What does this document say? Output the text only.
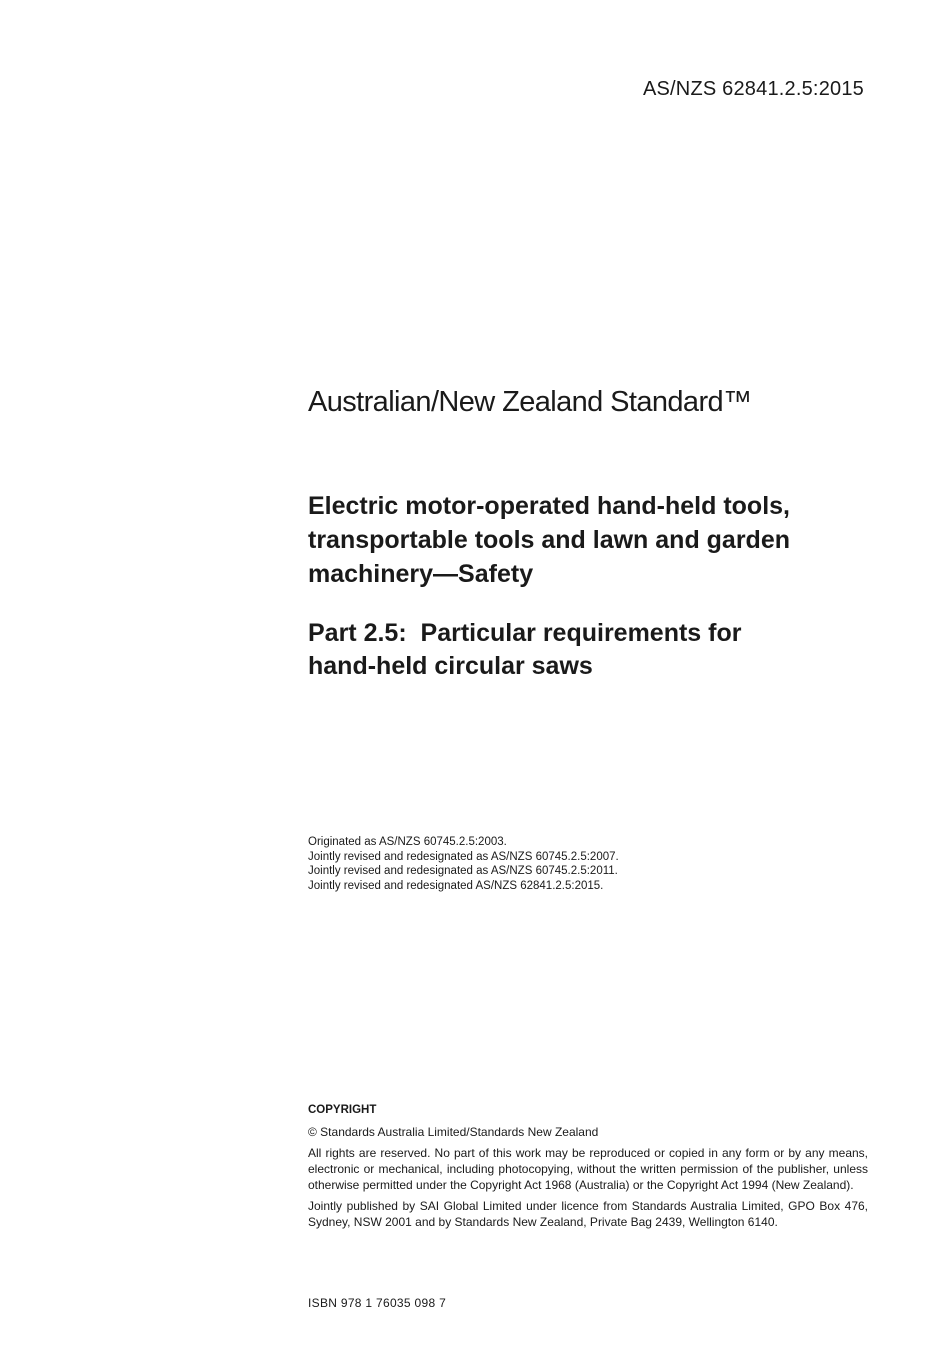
AS/NZS 62841.2.5:2015
Australian/New Zealand Standard™
Electric motor-operated hand-held tools,
transportable tools and lawn and garden
machinery—Safety
Part 2.5:  Particular requirements for
hand-held circular saws
Originated as AS/NZS 60745.2.5:2003.
Jointly revised and redesignated as AS/NZS 60745.2.5:2007.
Jointly revised and redesignated as AS/NZS 60745.2.5:2011.
Jointly revised and redesignated AS/NZS 62841.2.5:2015.
COPYRIGHT

© Standards Australia Limited/Standards New Zealand

All rights are reserved. No part of this work may be reproduced or copied in any form or by any means, electronic or mechanical, including photocopying, without the written permission of the publisher, unless otherwise permitted under the Copyright Act 1968 (Australia) or the Copyright Act 1994 (New Zealand).

Jointly published by SAI Global Limited under licence from Standards Australia Limited, GPO Box 476, Sydney, NSW 2001 and by Standards New Zealand, Private Bag 2439, Wellington 6140.

ISBN 978 1 76035 098 7
